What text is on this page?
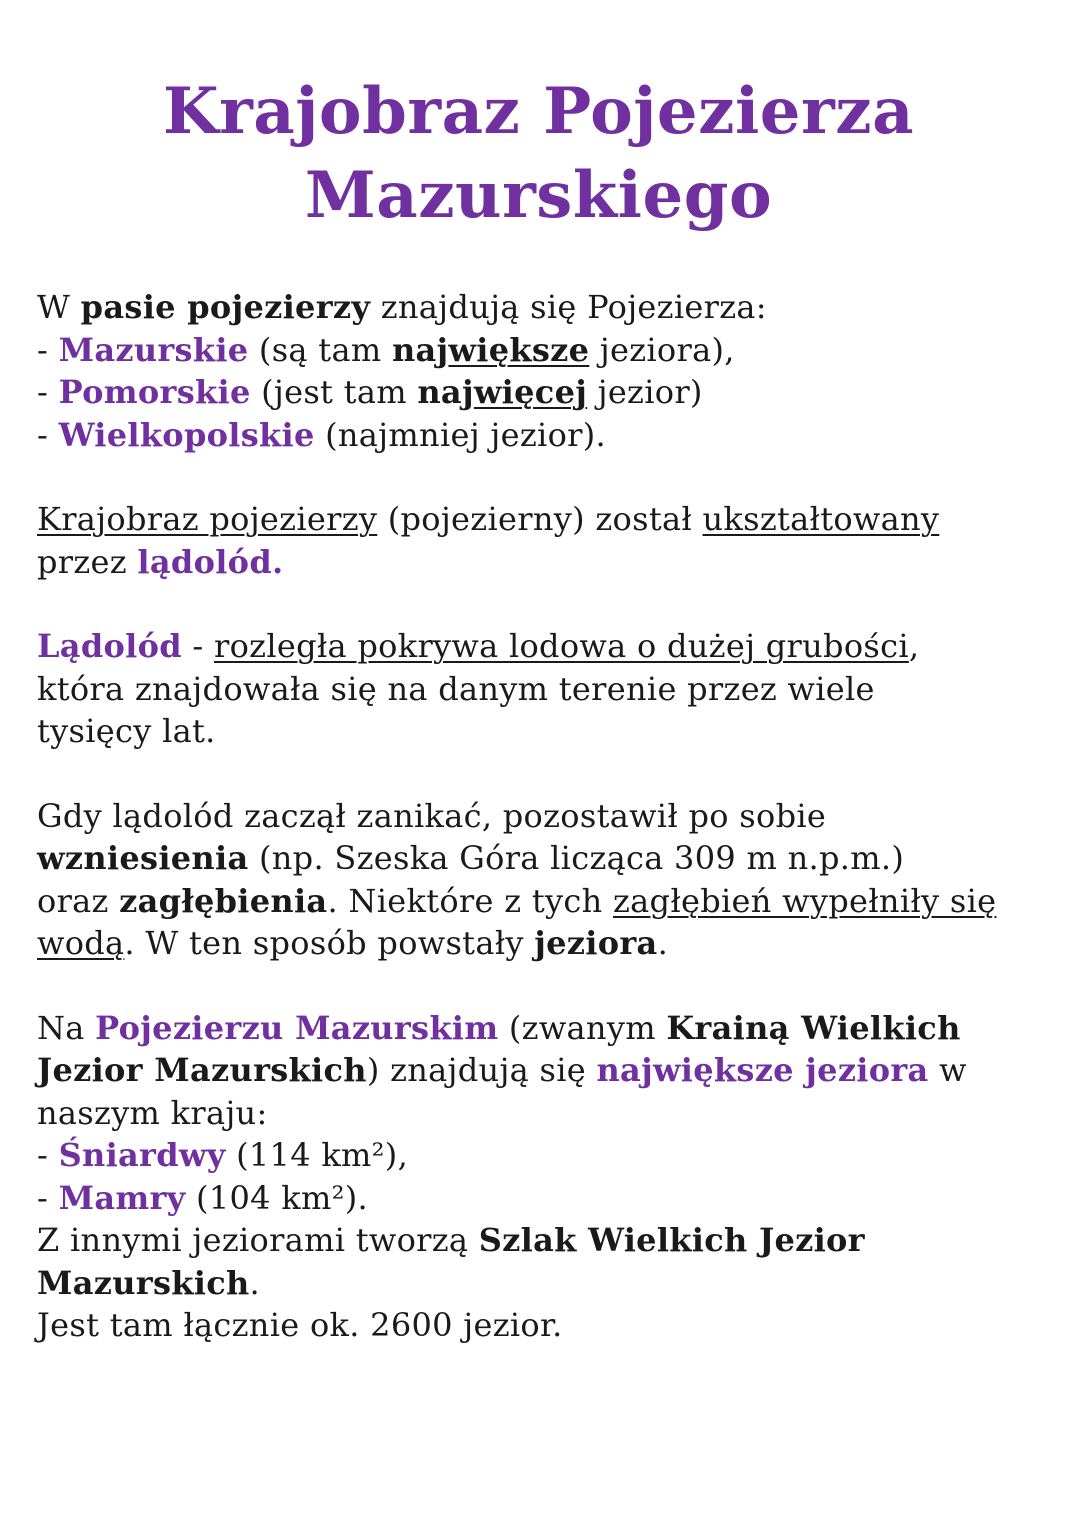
Krajobraz Pojezierza
Mazurskiego

W pasie pojezierzy znajdują się Pojezierza:
- Mazurskie (są tam największe jeziora),
- Pomorskie (jest tam najwięcej jezior)
- Wielkopolskie (najmniej jezior).

Krajobraz pojezierzy (pojezierny) został ukształtowany
przez lądolód.

Lądolód - rozległa pokrywa lodowa o dużej grubości,
która znajdowała się na danym terenie przez wiele
tysięcy lat.

Gdy lądolód zaczął zanikać, pozostawił po sobie
wzniesienia (np. Szeska Góra licząca 309 m n.p.m.)
oraz zagłębienia. Niektóre z tych zagłębień wypełniły się
wodą. W ten sposób powstały jeziora.

Na Pojezierzu Mazurskim (zwanym Krainą Wielkich
Jezior Mazurskich) znajdują się największe jeziora w
naszym kraju:
- Śniardwy (114 km²),
- Mamry (104 km²).
Z innymi jeziorami tworzą Szlak Wielkich Jezior
Mazurskich.
Jest tam łącznie ok. 2600 jezior.
